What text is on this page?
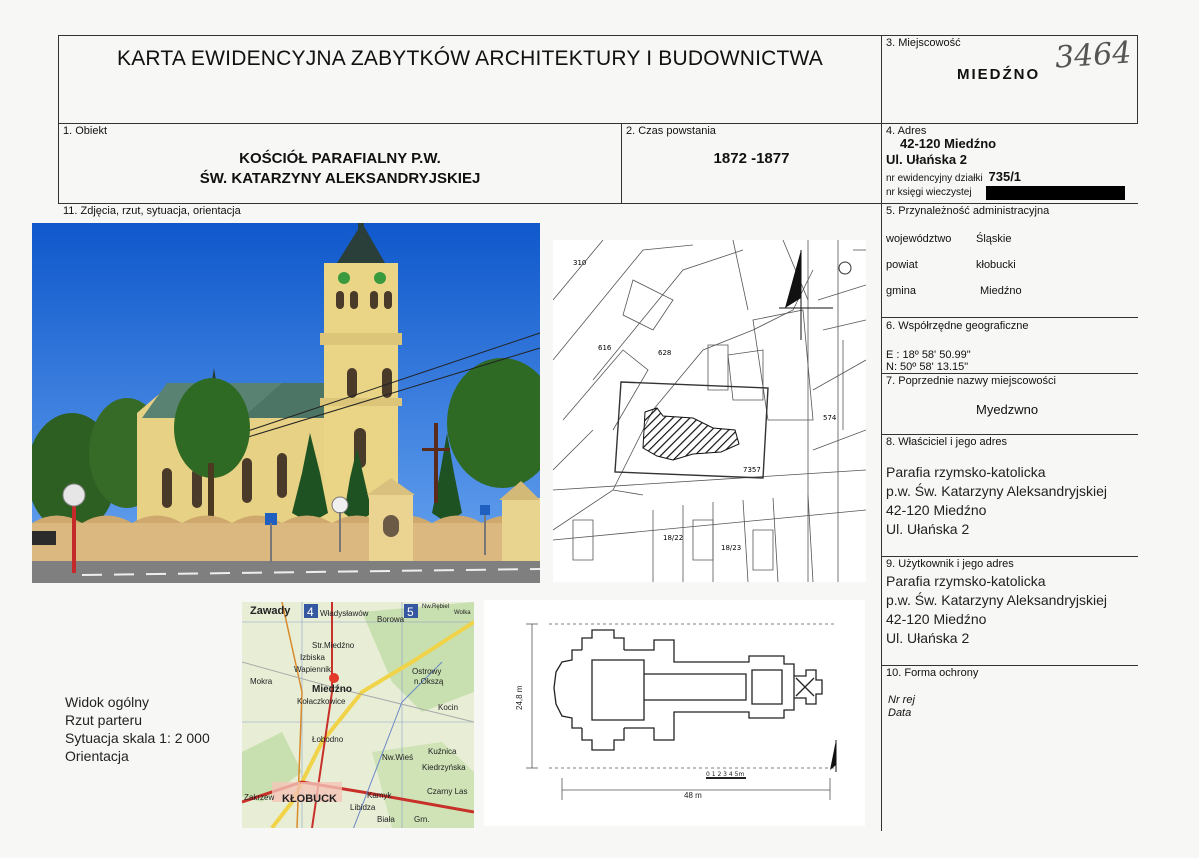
KARTA EWIDENCYJNA ZABYTKÓW ARCHITEKTURY I BUDOWNICTWA
3. Miejscowość
MIEDŹNO 3464
1. Obiekt
KOŚCIÓŁ PARAFIALNY P.W.
ŚW. KATARZYNY ALEKSANDRYJSKIEJ
2. Czas powstania
1872 -1877
4. Adres
42-120 Miedźno
Ul. Ułańska 2
nr ewidencyjny działki 735/1
nr księgi wieczystej
5. Przynależność administracyjna
województwo Śląskie
powiat	kłobucki
gmina	Miedźno
6. Współrzędne geograficzne
E : 18º 58' 50.99"
N: 50º 58' 13.15"
7. Poprzednie nazwy miejscowości
Myedzwno
8. Właściciel i jego adres
Parafia rzymsko-katolicka
p.w. Św. Katarzyny Aleksandryjskiej
42-120 Miedźno
Ul. Ułańska 2
9. Użytkownik i jego adres
Parafia rzymsko-katolicka
p.w. Św. Katarzyny Aleksandryjskiej
42-120 Miedźno
Ul. Ułańska 2
10. Forma ochrony
Nr rej
Data
11. Zdjęcia, rzut, sytuacja, orientacja
310
616
628
7357
574
18/22
18/23
4	5
Zawady	Władysławów
Borowa
Nw.Rębiel
Wolka
Str.Miedźno
Izbiska
Wapiennik
Miedźno
Ostrowy
n.Okszą
Mokra
Kołaczkowice
Łobodno
Nw.Wieś
Kiedrzyńska
Kuźnica
Kocin
Zakrzew KŁOBUCK	Kamyk
Libidza
Czarny Las
Biała Grn.
0 1 2 3 4 5m
48 m
24,8 m
Widok ogólny
Rzut parteru
Sytuacja skala 1: 2 000
Orientacja
